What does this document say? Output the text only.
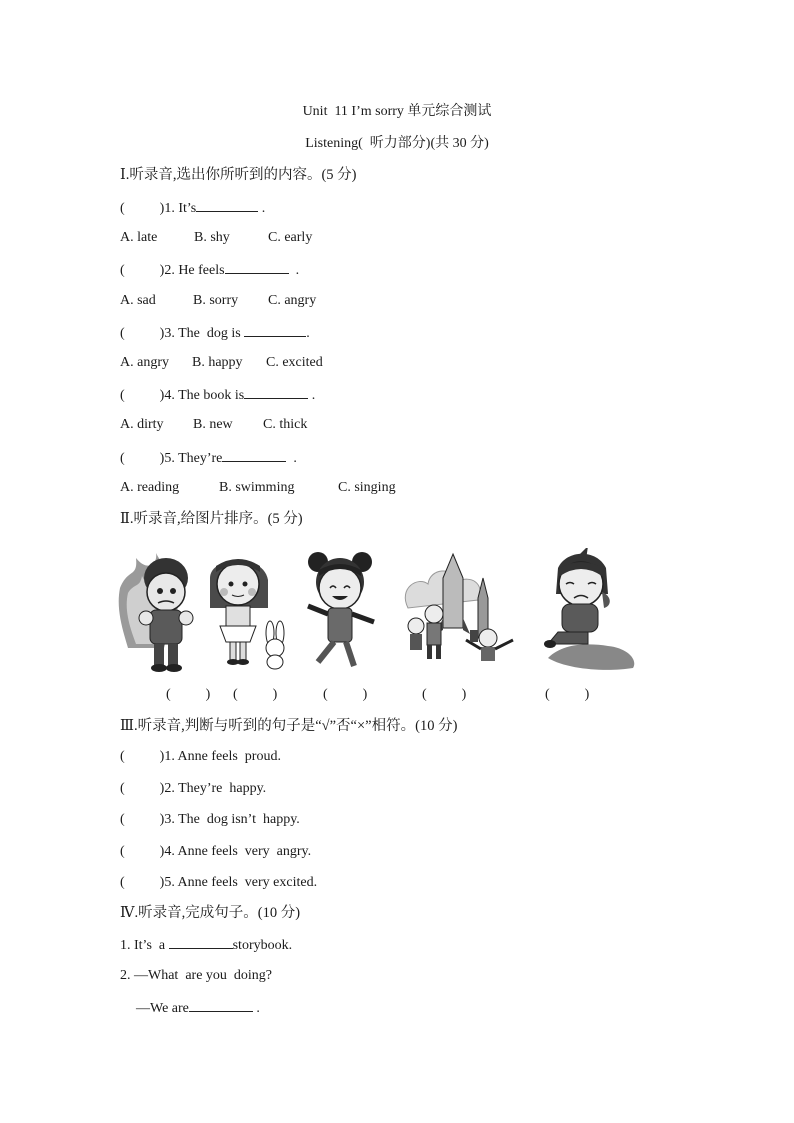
Unit  11 I’m sorry 单元综合测试
Listening(  听力部分)(共 30 分)
Ⅰ.听录音,选出你所听到的内容。(5 分)
(          )1. It’s	.
A. late	B. shy	C. early
(          )2. He feels	.
A. sad	B. sorry C. angry
(          )3. The  dog is	.
A. angry B. happy C. excited
(          )4. The book is	.
A. dirty B. new C. thick
(          )5. They’re	.
A. reading	B. swimming	C. singing
Ⅱ.听录音,给图片排序。(5 分)
(          ) (          )	(          )	(          )	(          )
Ⅲ.听录音,判断与听到的句子是“√”否“×”相符。(10 分)
(          )1. Anne feels  proud.
(          )2. They’re  happy.
(          )3. The  dog isn’t  happy.
(          )4. Anne feels  very  angry.
(          )5. Anne feels  very excited.
Ⅳ.听录音,完成句子。(10 分)
1. It’s  a	storybook.
2. —What  are you  doing?
—We are	.
